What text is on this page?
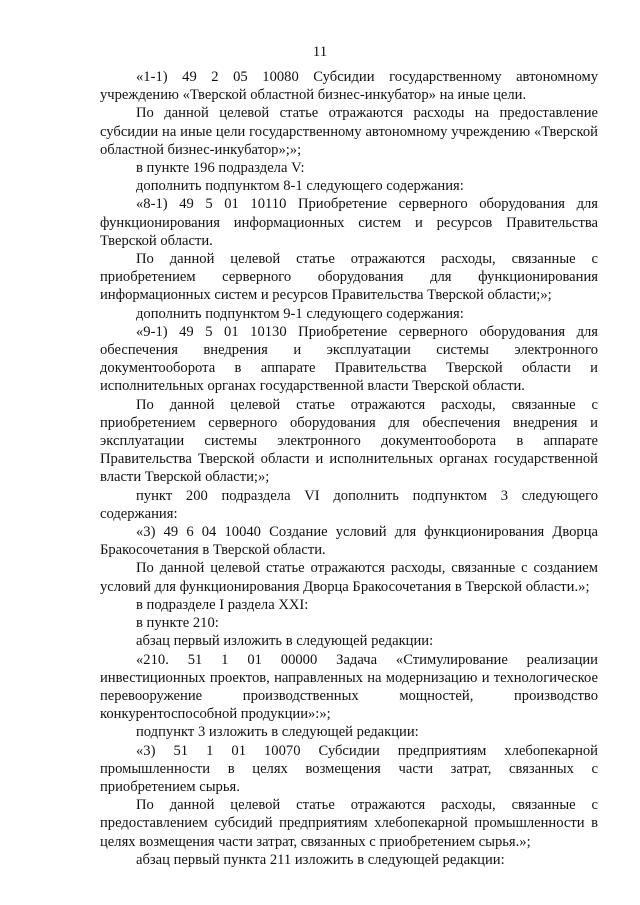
11

«1-1) 49 2 05 10080 Субсидии государственному автономному учреждению «Тверской областной бизнес-инкубатор» на иные цели.

По данной целевой статье отражаются расходы на предоставление субсидии на иные цели государственному автономному учреждению «Тверской областной бизнес-инкубатор»;»;

в пункте 196 подраздела V:

дополнить подпунктом 8-1 следующего содержания:

«8-1) 49 5 01 10110 Приобретение серверного оборудования для функционирования информационных систем и ресурсов Правительства Тверской области.

По данной целевой статье отражаются расходы, связанные с приобретением серверного оборудования для функционирования информационных систем и ресурсов Правительства Тверской области;»;

дополнить подпунктом 9-1 следующего содержания:

«9-1) 49 5 01 10130 Приобретение серверного оборудования для обеспечения внедрения и эксплуатации системы электронного документооборота в аппарате Правительства Тверской области и исполнительных органах государственной власти Тверской области.

По данной целевой статье отражаются расходы, связанные с приобретением серверного оборудования для обеспечения внедрения и эксплуатации системы электронного документооборота в аппарате Правительства Тверской области и исполнительных органах государственной власти Тверской области;»;

пункт 200 подраздела VI дополнить подпунктом 3 следующего содержания:

«3) 49 6 04 10040 Создание условий для функционирования Дворца Бракосочетания в Тверской области.

По данной целевой статье отражаются расходы, связанные с созданием условий для функционирования Дворца Бракосочетания в Тверской области.»;

в подразделе I раздела XXI:

в пункте 210:

абзац первый изложить в следующей редакции:

«210. 51 1 01 00000 Задача «Стимулирование реализации инвестиционных проектов, направленных на модернизацию и технологическое перевооружение производственных мощностей, производство конкурентоспособной продукции»:»;

подпункт 3 изложить в следующей редакции:

«3) 51 1 01 10070 Субсидии предприятиям хлебопекарной промышленности в целях возмещения части затрат, связанных с приобретением сырья.

По данной целевой статье отражаются расходы, связанные с предоставлением субсидий предприятиям хлебопекарной промышленности в целях возмещения части затрат, связанных с приобретением сырья.»;

абзац первый пункта 211 изложить в следующей редакции:
